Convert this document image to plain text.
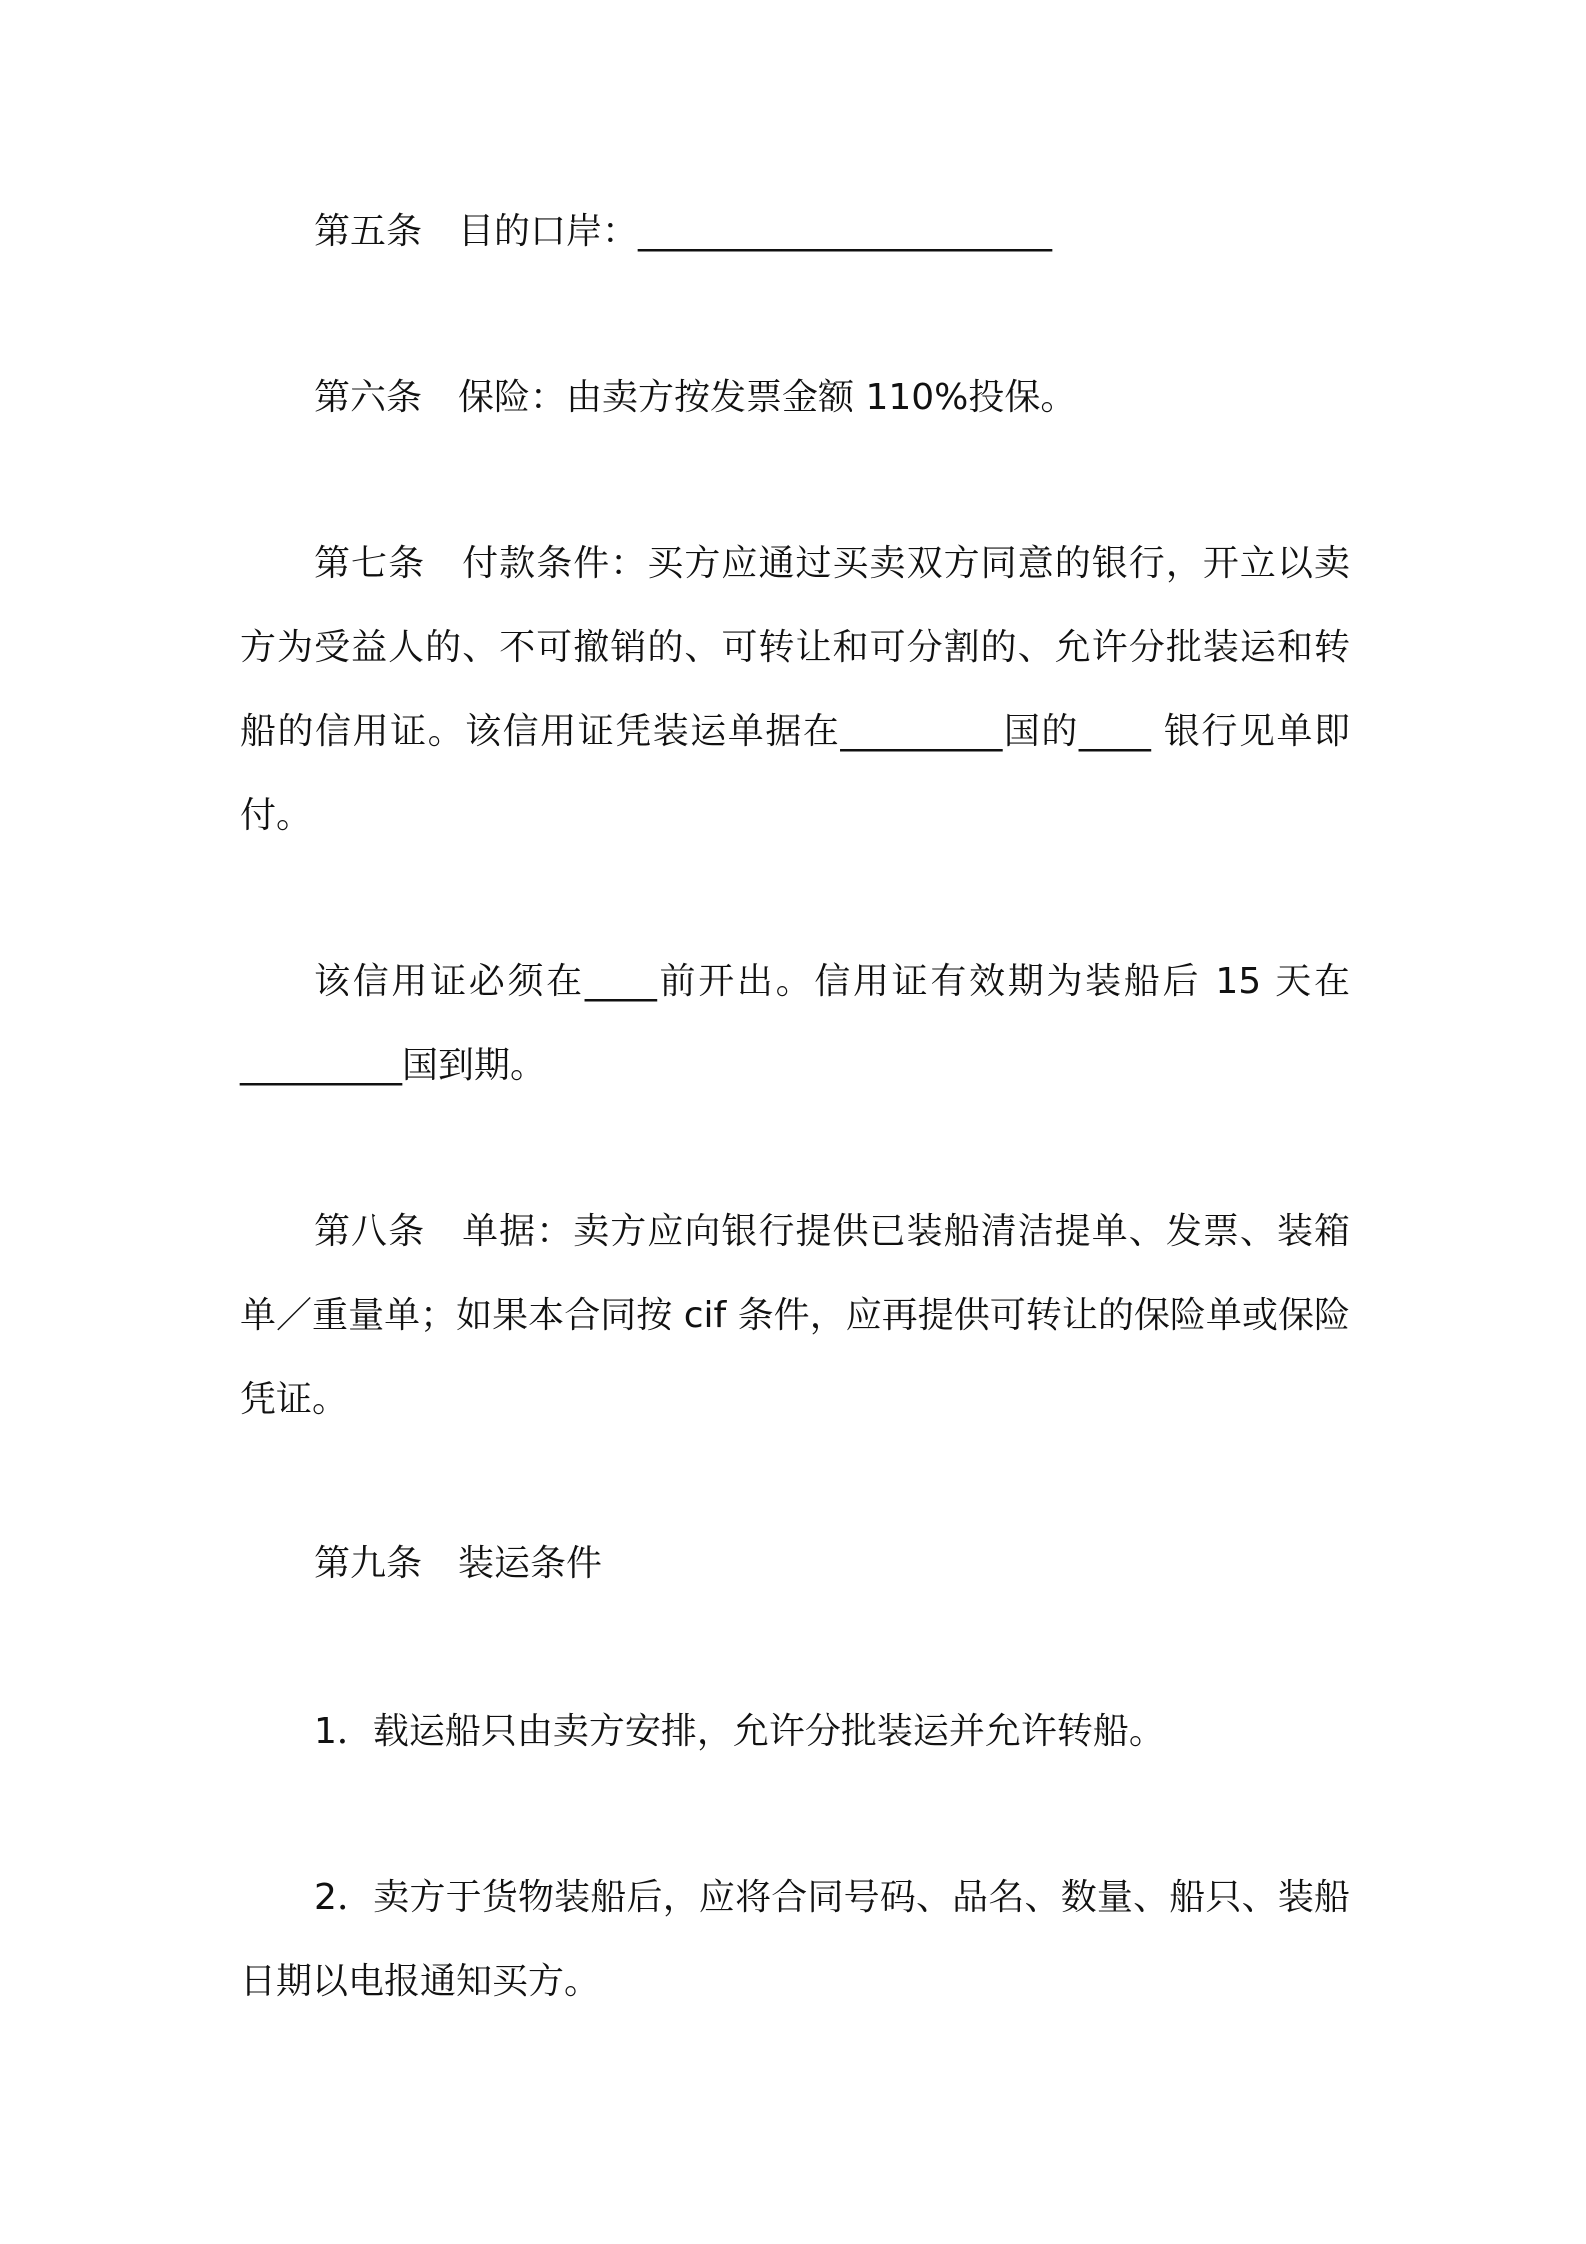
第五条　目的口岸：_______________________

第六条　保险：由卖方按发票金额 110%投保。

第七条　付款条件：买方应通过买卖双方同意的银行，开立以卖方为受益人的、不可撤销的、可转让和可分割的、允许分批装运和转船的信用证。该信用证凭装运单据在_________国的____ 银行见单即付。

该信用证必须在____前开出。信用证有效期为装船后 15 天在_________国到期。

第八条　单据：卖方应向银行提供已装船清洁提单、发票、装箱单／重量单；如果本合同按 cif 条件，应再提供可转让的保险单或保险凭证。

第九条　装运条件

1．载运船只由卖方安排，允许分批装运并允许转船。

2．卖方于货物装船后，应将合同号码、品名、数量、船只、装船日期以电报通知买方。
